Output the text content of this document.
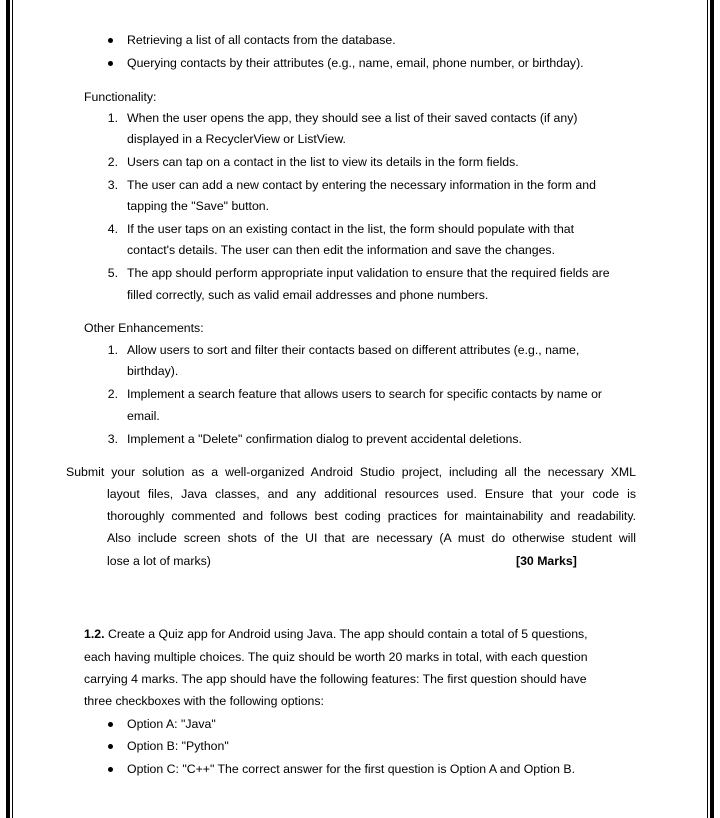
Retrieving a list of all contacts from the database.
Querying contacts by their attributes (e.g., name, email, phone number, or birthday).
Functionality:
1. When the user opens the app, they should see a list of their saved contacts (if any)
displayed in a RecyclerView or ListView.
2. Users can tap on a contact in the list to view its details in the form fields.
3. The user can add a new contact by entering the necessary information in the form and
tapping the "Save" button.
4. If the user taps on an existing contact in the list, the form should populate with that
contact's details. The user can then edit the information and save the changes.
5. The app should perform appropriate input validation to ensure that the required fields are
filled correctly, such as valid email addresses and phone numbers.
Other Enhancements:
1. Allow users to sort and filter their contacts based on different attributes (e.g., name,
birthday).
2. Implement a search feature that allows users to search for specific contacts by name or
email.
3. Implement a "Delete" confirmation dialog to prevent accidental deletions.
Submit your solution as a well-organized Android Studio project, including all the necessary XML
layout files, Java classes, and any additional resources used. Ensure that your code is
thoroughly commented and follows best coding practices for maintainability and readability.
Also include screen shots of the UI that are necessary (A must do otherwise student will
lose a lot of marks)	[30 Marks]
1.2. Create a Quiz app for Android using Java. The app should contain a total of 5 questions,
each having multiple choices. The quiz should be worth 20 marks in total, with each question
carrying 4 marks. The app should have the following features: The first question should have
three checkboxes with the following options:
Option A: "Java"
Option B: "Python"
Option C: "C++" The correct answer for the first question is Option A and Option B.
